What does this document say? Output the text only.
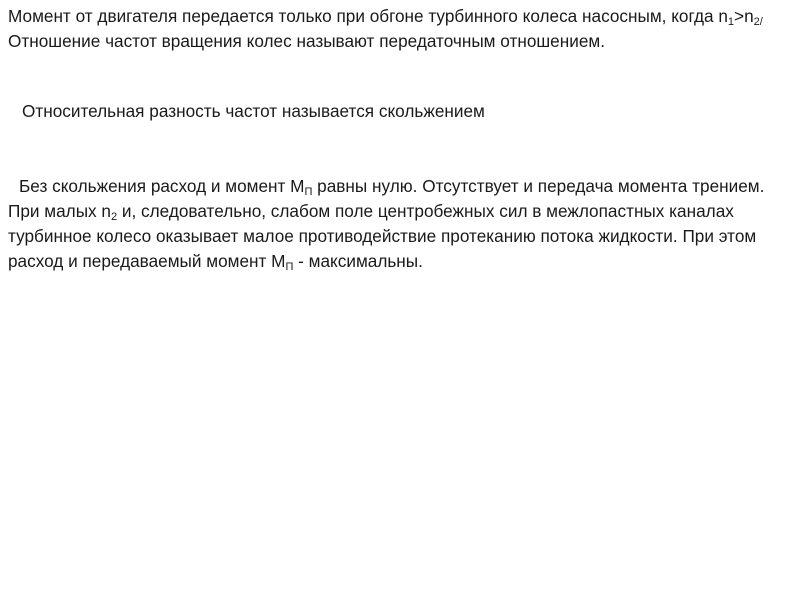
Момент от двигателя передается только при обгоне турбинного колеса насосным, когда $n_1>n_{2/}$ Отношение частот вращения колес называют передаточным отношением.

Относительная разность частот называется скольжением

Без скольжения расход и момент $М_П$ равны нулю. Отсутствует и передача момента трением. При малых $n_2$ и, следовательно, слабом поле центробежных сил в межлопастных каналах турбинное колесо оказывает малое противодействие протеканию потока жидкости. При этом расход и передаваемый момент $М_П$ - максимальны.
